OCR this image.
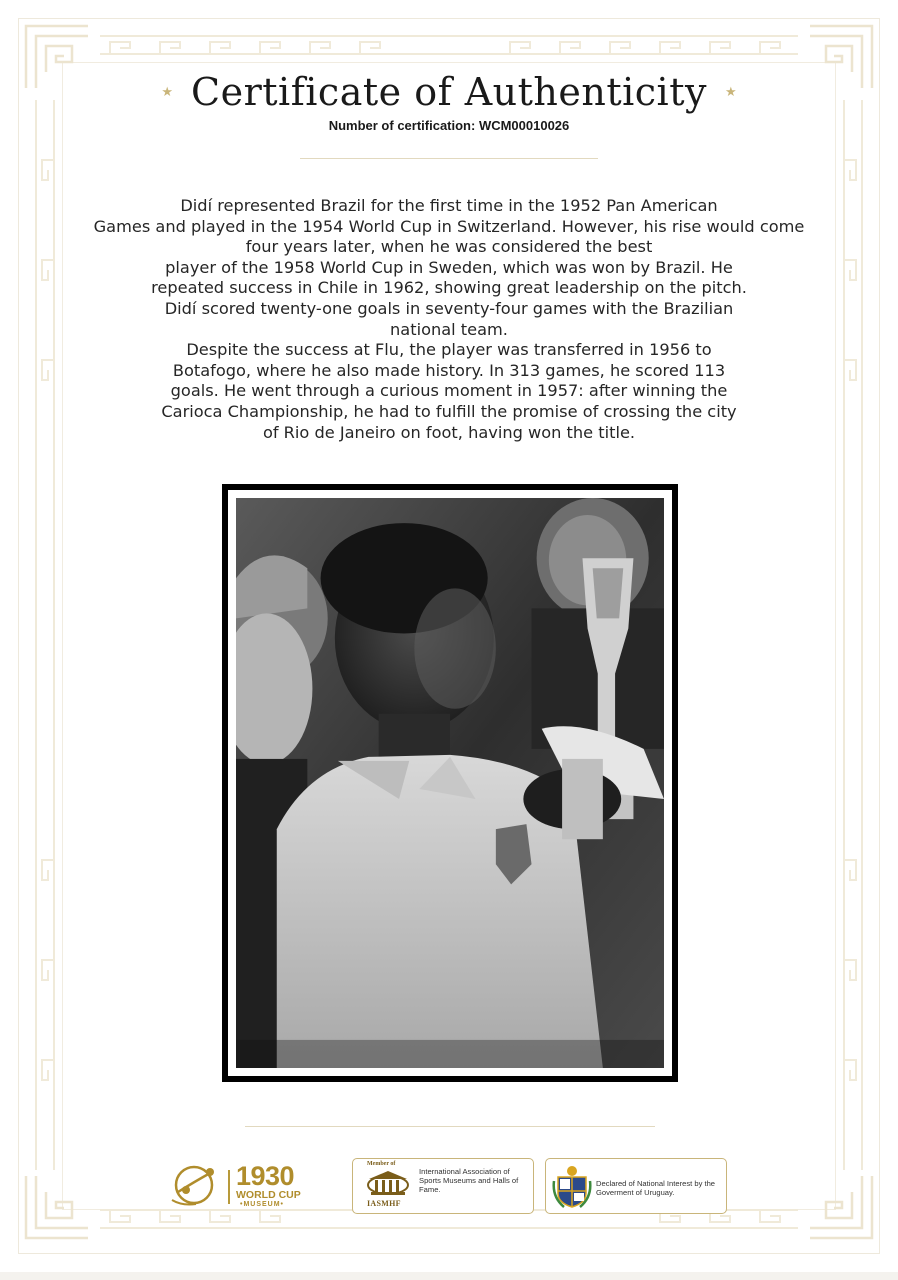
★ Certificate of Authenticity ★
Number of certification: WCM00010026

Didí represented Brazil for the first time in the 1952 Pan American

Games and played in the 1954 World Cup in Switzerland. However, his rise would come

four years later, when he was considered the best

player of the 1958 World Cup in Sweden, which was won by Brazil. He

repeated success in Chile in 1962, showing great leadership on the pitch.

Didí scored twenty-one goals in seventy-four games with the Brazilian

national team.

Despite the success at Flu, the player was transferred in 1956 to

Botafogo, where he also made history. In 313 games, he scored 113

goals. He went through a curious moment in 1957: after winning the

Carioca Championship, he had to fulfill the promise of crossing the city

of Rio de Janeiro on foot, having won the title.

1930
WORLD CUP
•MUSEUM•
Member of
IASMHF
International Association of Sports Museums and Halls of Fame.
Declared of National Interest by the Goverment of Uruguay.
